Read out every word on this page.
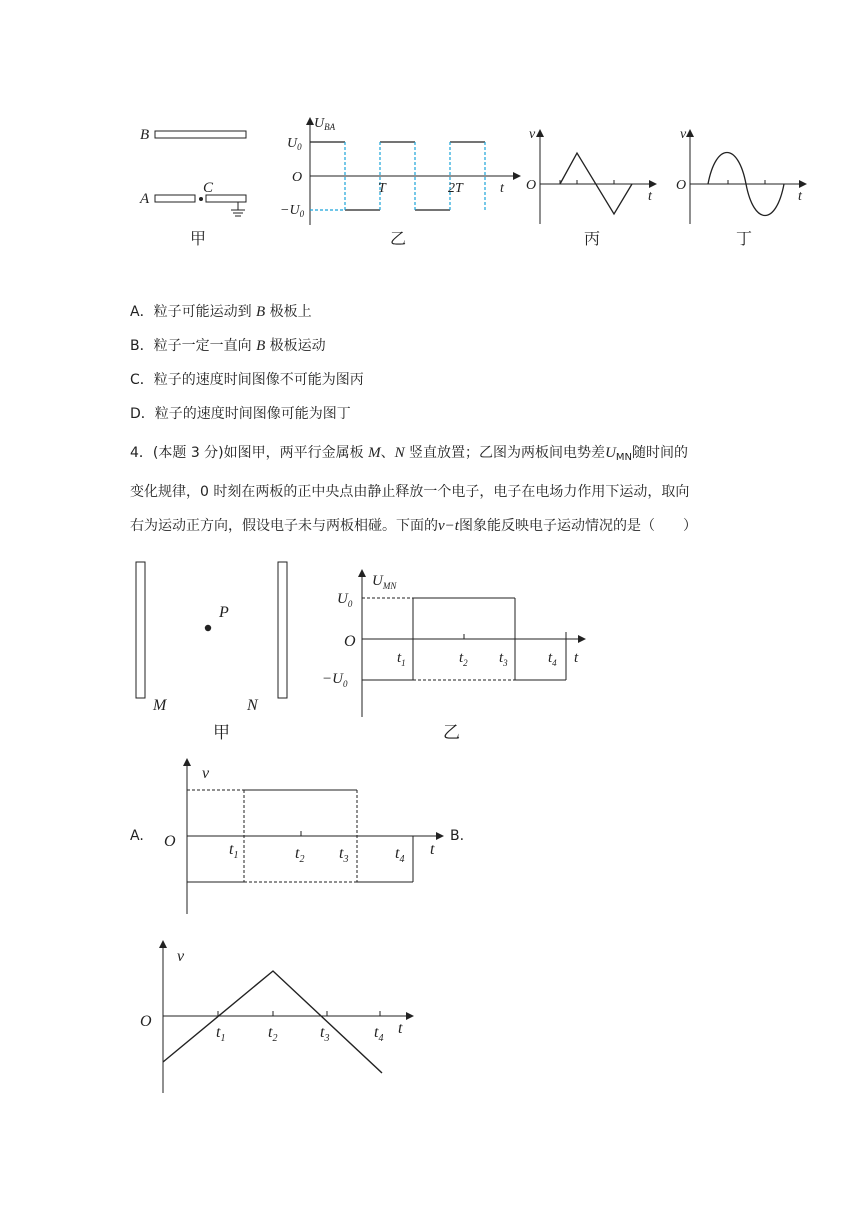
B
A
C
甲
$U_{BA}$
$U_0$
O
$-U_0$
T	2T	t
乙
v
O
t
丙
v
O
t
丁
A．粒子可能运动到 B 极板上
B．粒子一定一直向 B 极板运动
C．粒子的速度时间图像不可能为图丙
D．粒子的速度时间图像可能为图丁
4．(本题 3 分)如图甲，两平行金属板 M、N 竖直放置；乙图为两板间电势差$U_{MN}$随时间的
变化规律，0 时刻在两板的正中央点由静止释放一个电子，电子在电场力作用下运动，取向
右为运动正方向，假设电子未与两板相碰。下面的v−t图象能反映电子运动情况的是（　　）
P
M	N
甲
$U_{MN}$
$U_0$
O
$-U_0$
$t_1$	$t_2$ $t_3$	$t_4$ t
乙
A.	B.
v
O	$t_1$	$t_2$ $t_3$	$t_4$
t
v
O
$t_1$	$t_2$	$t_3$	$t_4$
t
